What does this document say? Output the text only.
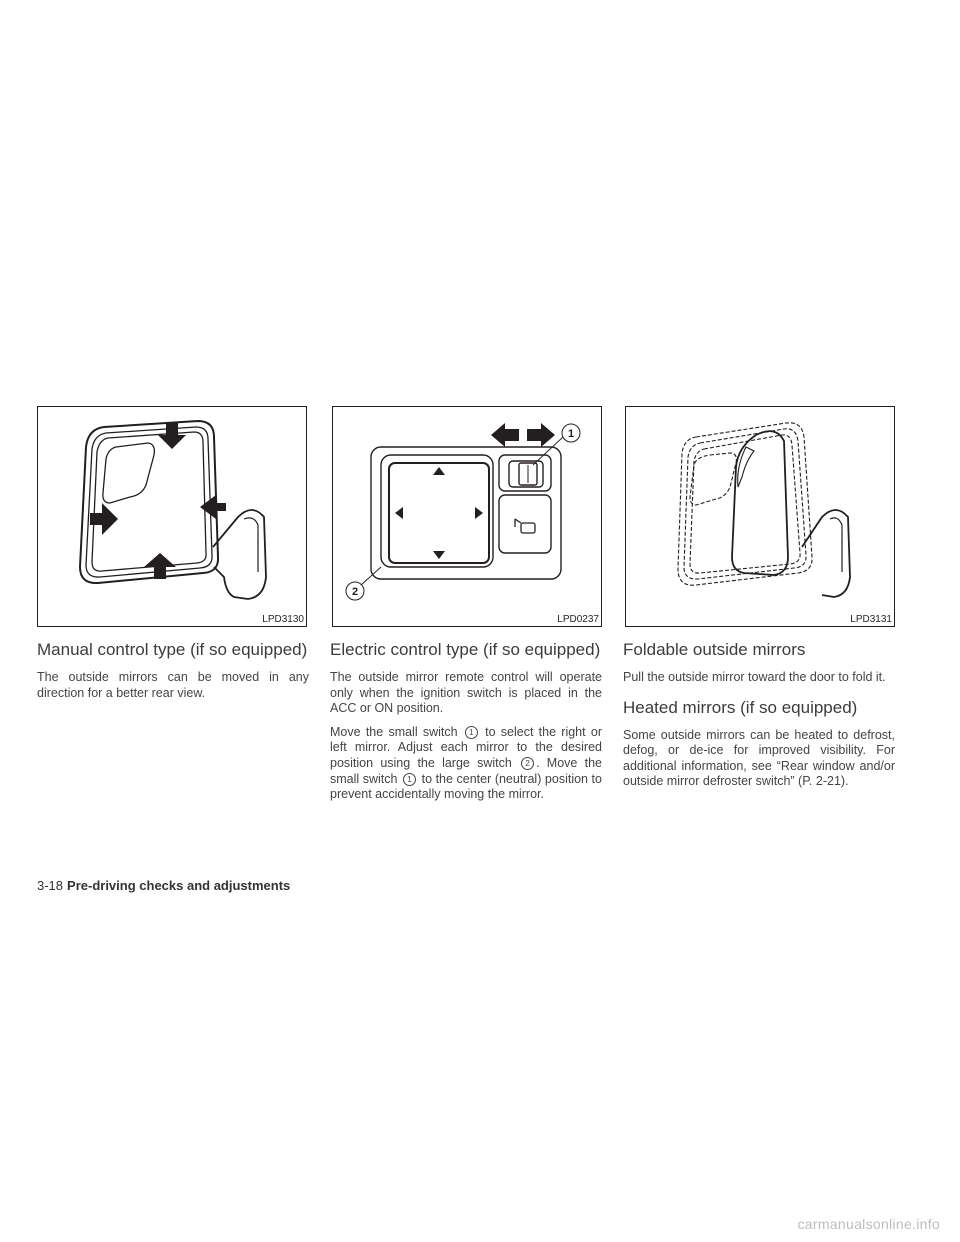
LPD3130
1
2
LPD0237	LPD3131
Manual control type (if so equipped)

The outside mirrors can be moved in any direction for a better rear view.

Electric control type (if so equipped)

The outside mirror remote control will operate only when the ignition switch is placed in the ACC or ON position.

Move the small switch 1 to select the right or left mirror. Adjust each mirror to the desired position using the large switch 2 . Move the small switch 1 to the center (neutral) position to prevent accidentally moving the mirror.

Foldable outside mirrors

Pull the outside mirror toward the door to fold it.

Heated mirrors (if so equipped)

Some outside mirrors can be heated to defrost, defog, or de-ice for improved visibility. For additional information, see “Rear window and/or outside mirror defroster switch” (P. 2-21).

3-18 Pre-driving checks and adjustments
carmanualsonline.info
